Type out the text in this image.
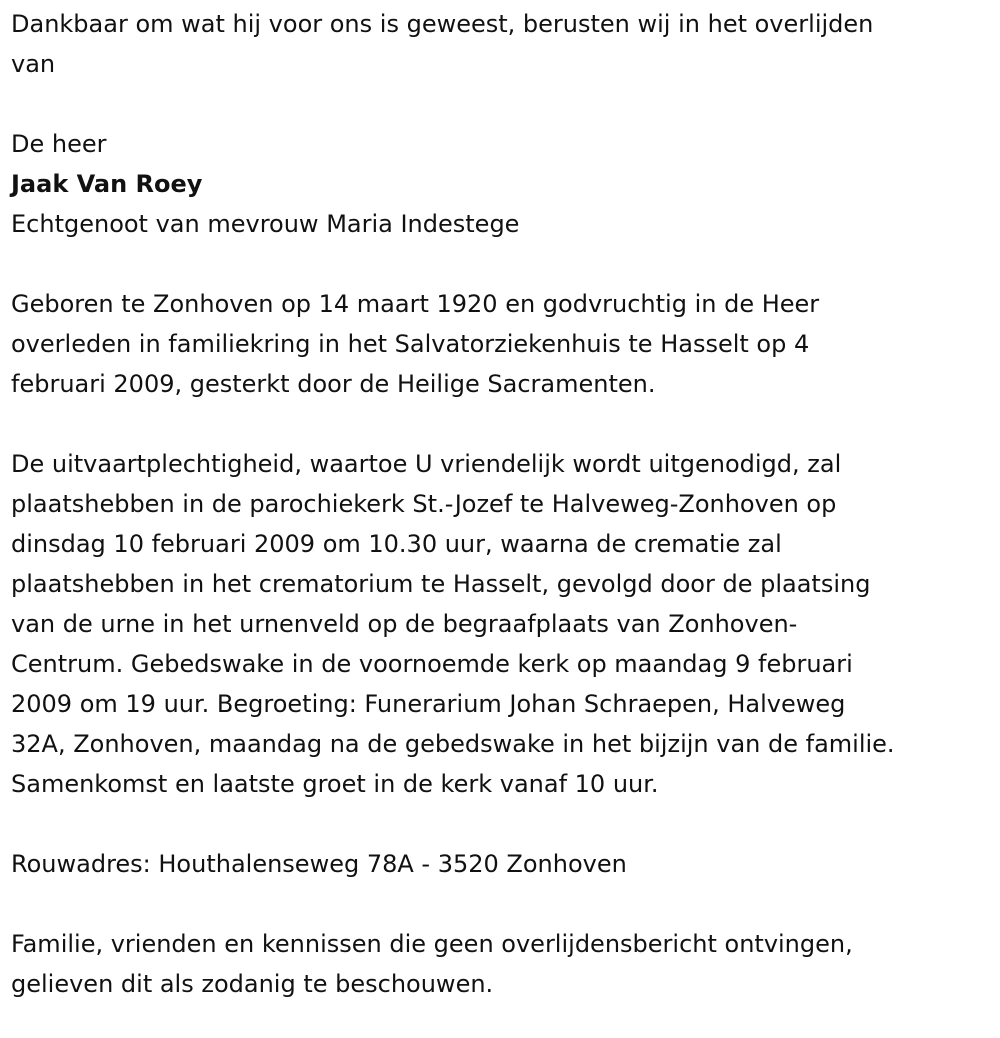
Dankbaar om wat hij voor ons is geweest, berusten wij in het overlijden
van
De heer
Jaak Van Roey
Echtgenoot van mevrouw Maria Indestege
Geboren te Zonhoven op 14 maart 1920 en godvruchtig in de Heer
overleden in familiekring in het Salvatorziekenhuis te Hasselt op 4
februari 2009, gesterkt door de Heilige Sacramenten.
De uitvaartplechtigheid, waartoe U vriendelijk wordt uitgenodigd, zal
plaatshebben in de parochiekerk St.-Jozef te Halveweg-Zonhoven op
dinsdag 10 februari 2009 om 10.30 uur, waarna de crematie zal
plaatshebben in het crematorium te Hasselt, gevolgd door de plaatsing
van de urne in het urnenveld op de begraafplaats van Zonhoven-
Centrum. Gebedswake in de voornoemde kerk op maandag 9 februari
2009 om 19 uur. Begroeting: Funerarium Johan Schraepen, Halveweg
32A, Zonhoven, maandag na de gebedswake in het bijzijn van de familie.
Samenkomst en laatste groet in de kerk vanaf 10 uur.
Rouwadres: Houthalenseweg 78A - 3520 Zonhoven
Familie, vrienden en kennissen die geen overlijdensbericht ontvingen,
gelieven dit als zodanig te beschouwen.
